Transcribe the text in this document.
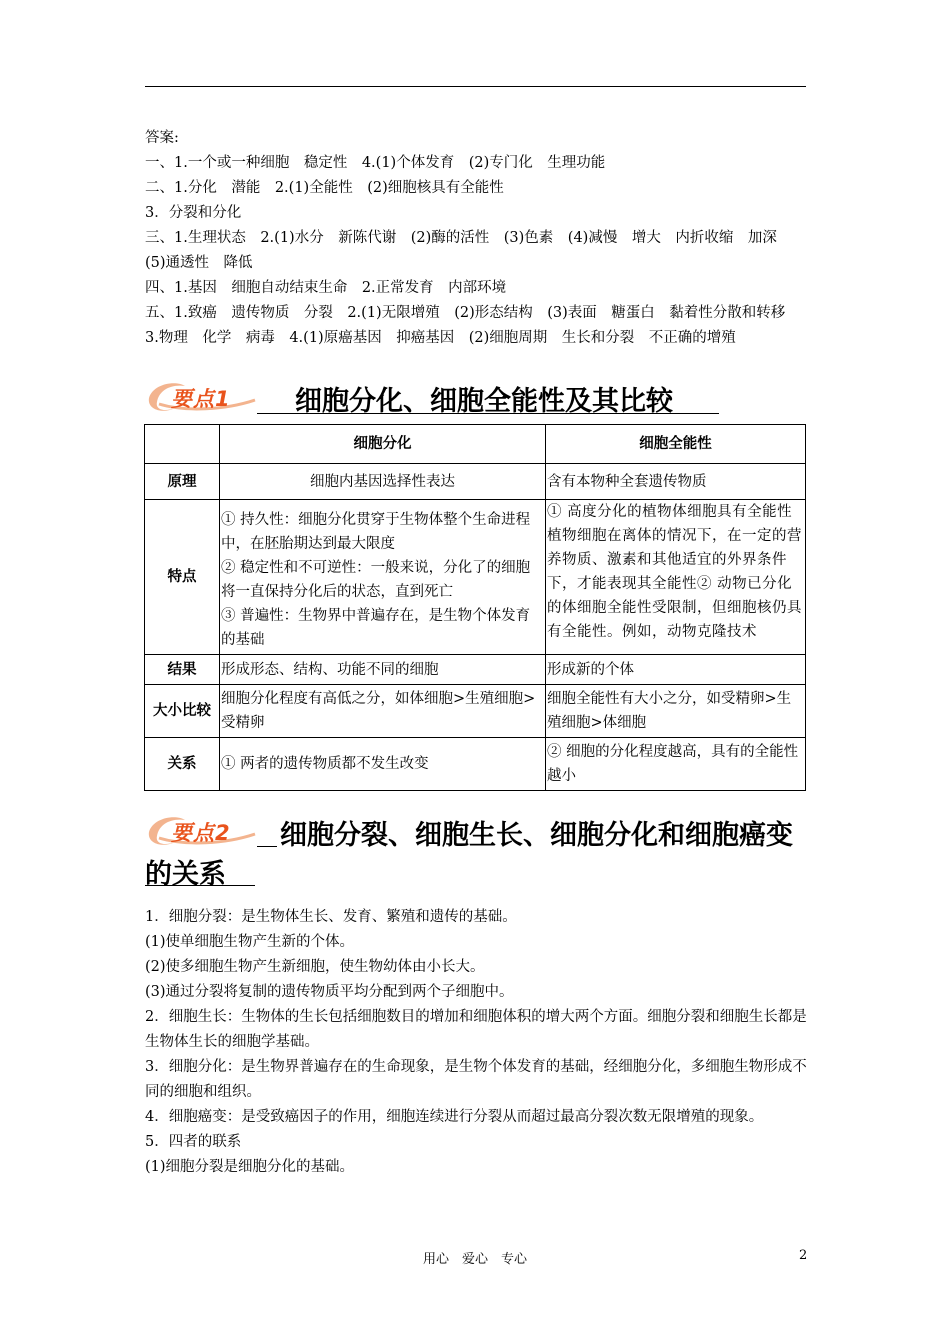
答案:
一、1.一个或一种细胞　稳定性　4.(1)个体发育　(2)专门化　生理功能
二、1.分化　潜能　2.(1)全能性　(2)细胞核具有全能性
3．分裂和分化
三、1.生理状态　2.(1)水分　新陈代谢　(2)酶的活性　(3)色素　(4)减慢　增大　内折收缩　加深　　　(5)通透性　降低
四、1.基因　细胞自动结束生命　2.正常发育　内部环境
五、1.致癌　遗传物质　分裂　2.(1)无限增殖　(2)形态结构　(3)表面　糖蛋白　黏着性分散和转移　3.物理　化学　病毒　4.(1)原癌基因　抑癌基因　(2)细胞周期　生长和分裂　不正确的增殖
要点1 细胞分化、细胞全能性及其比较
	细胞分化	细胞全能性
原理	细胞内基因选择性表达	含有本物种全套遗传物质
特点	① 持久性：细胞分化贯穿于生物体整个生命进程中，在胚胎期达到最大限度
② 稳定性和不可逆性：一般来说，分化了的细胞将一直保持分化后的状态，直到死亡
③ 普遍性：生物界中普遍存在，是生物个体发育的基础	① 高度分化的植物体细胞具有全能性植物细胞在离体的情况下，在一定的营养物质、激素和其他适宜的外界条件下，才能表现其全能性② 动物已分化的体细胞全能性受限制，但细胞核仍具有全能性。例如，动物克隆技术
结果	形成形态、结构、功能不同的细胞	形成新的个体
大小比较	细胞分化程度有高低之分，如体细胞>生殖细胞>受精卵	细胞全能性有大小之分，如受精卵>生殖细胞>体细胞
关系	① 两者的遗传物质都不发生改变	② 细胞的分化程度越高，具有的全能性越小
要点2 细胞分裂、细胞生长、细胞分化和细胞癌变
的关系
1．细胞分裂：是生物体生长、发育、繁殖和遗传的基础。
(1)使单细胞生物产生新的个体。
(2)使多细胞生物产生新细胞，使生物幼体由小长大。
(3)通过分裂将复制的遗传物质平均分配到两个子细胞中。
2．细胞生长：生物体的生长包括细胞数目的增加和细胞体积的增大两个方面。细胞分裂和细胞生长都是生物体生长的细胞学基础。
3．细胞分化：是生物界普遍存在的生命现象，是生物个体发育的基础，经细胞分化，多细胞生物形成不同的细胞和组织。
4．细胞癌变：是受致癌因子的作用，细胞连续进行分裂从而超过最高分裂次数无限增殖的现象。
5．四者的联系
(1)细胞分裂是细胞分化的基础。
用心　爱心　专心	2
